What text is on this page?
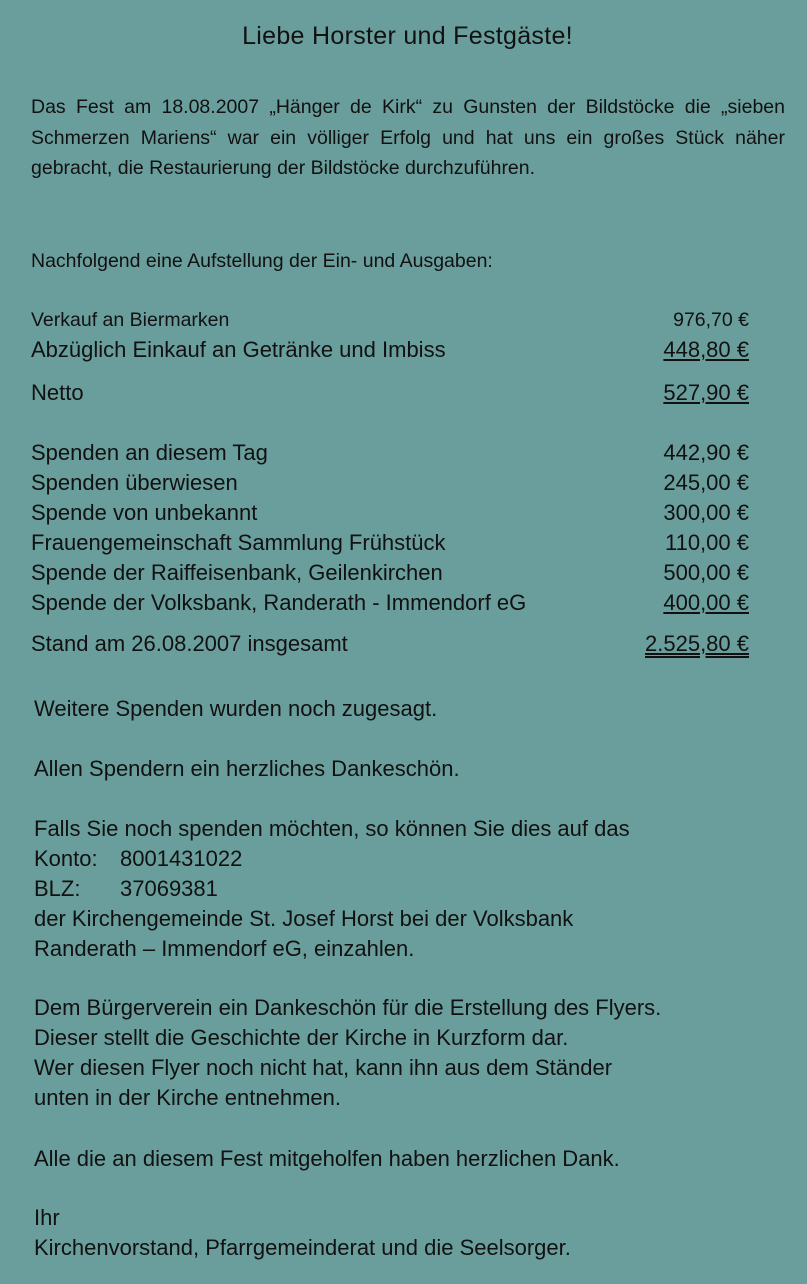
Liebe Horster und Festgäste!
Das Fest am 18.08.2007 „Hänger de Kirk“ zu Gunsten der Bildstöcke die „sieben Schmerzen Mariens“ war ein völliger Erfolg und hat uns ein großes Stück näher gebracht, die Restaurierung der Bildstöcke durchzuführen.
Nachfolgend eine Aufstellung der Ein- und Ausgaben:
Verkauf an Biermarken	976,70 €
Abzüglich Einkauf an Getränke und Imbiss	448,80 €
Netto	527,90 €
Spenden an diesem Tag	442,90 €
Spenden überwiesen	245,00 €
Spende von unbekannt	300,00 €
Frauengemeinschaft Sammlung Frühstück	110,00 €
Spende der Raiffeisenbank, Geilenkirchen	500,00 €
Spende der Volksbank, Randerath - Immendorf eG	400,00 €
Stand am 26.08.2007 insgesamt	2.525,80 €
Weitere Spenden wurden noch zugesagt.
Allen Spendern ein herzliches Dankeschön.
Falls Sie noch spenden möchten, so können Sie dies auf das
Konto: 8001431022
BLZ: 37069381
der Kirchengemeinde St. Josef Horst bei der Volksbank
Randerath – Immendorf eG, einzahlen.
Dem Bürgerverein ein Dankeschön für die Erstellung des Flyers.
Dieser stellt die Geschichte der Kirche in Kurzform dar.
Wer diesen Flyer noch nicht hat, kann ihn aus dem Ständer
unten in der Kirche entnehmen.
Alle die an diesem Fest mitgeholfen haben herzlichen Dank.
Ihr
Kirchenvorstand, Pfarrgemeinderat und die Seelsorger.
